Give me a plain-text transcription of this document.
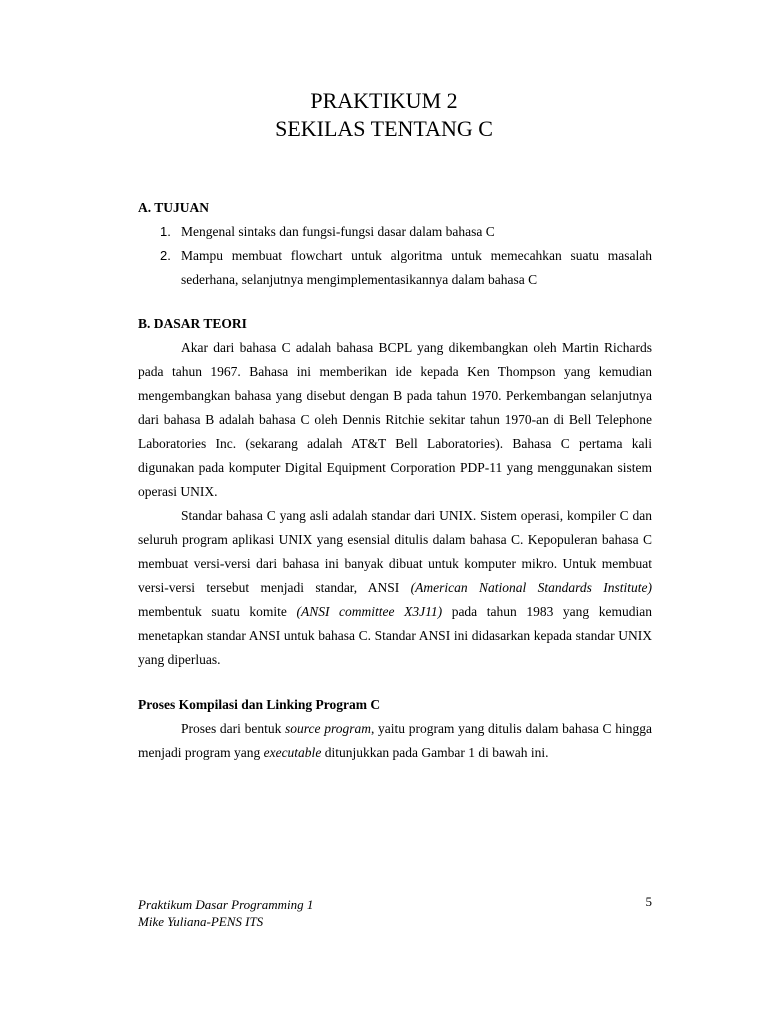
PRAKTIKUM 2
SEKILAS TENTANG C
A. TUJUAN
1. Mengenal sintaks dan fungsi-fungsi dasar dalam bahasa C
2. Mampu membuat flowchart untuk algoritma untuk memecahkan suatu masalah sederhana, selanjutnya mengimplementasikannya dalam bahasa C
B. DASAR TEORI

Akar dari bahasa C adalah bahasa BCPL yang dikembangkan oleh Martin Richards pada tahun 1967. Bahasa ini memberikan ide kepada Ken Thompson yang kemudian mengembangkan bahasa yang disebut dengan B pada tahun 1970. Perkembangan selanjutnya dari bahasa B adalah bahasa C oleh Dennis Ritchie sekitar tahun 1970-an di Bell Telephone Laboratories Inc. (sekarang adalah AT&T Bell Laboratories). Bahasa C pertama kali digunakan pada komputer Digital Equipment Corporation PDP-11 yang menggunakan sistem operasi UNIX.

Standar bahasa C yang asli adalah standar dari UNIX. Sistem operasi, kompiler C dan seluruh program aplikasi UNIX yang esensial ditulis dalam bahasa C. Kepopuleran bahasa C membuat versi-versi dari bahasa ini banyak dibuat untuk komputer mikro. Untuk membuat versi-versi tersebut menjadi standar, ANSI (American National Standards Institute) membentuk suatu komite (ANSI committee X3J11) pada tahun 1983 yang kemudian menetapkan standar ANSI untuk bahasa C. Standar ANSI ini didasarkan kepada standar UNIX yang diperluas.

Proses Kompilasi dan Linking Program C

Proses dari bentuk source program, yaitu program yang ditulis dalam bahasa C hingga menjadi program yang executable ditunjukkan pada Gambar 1 di bawah ini.

Praktikum Dasar Programming 1
Mike Yuliana-PENS ITS
5
